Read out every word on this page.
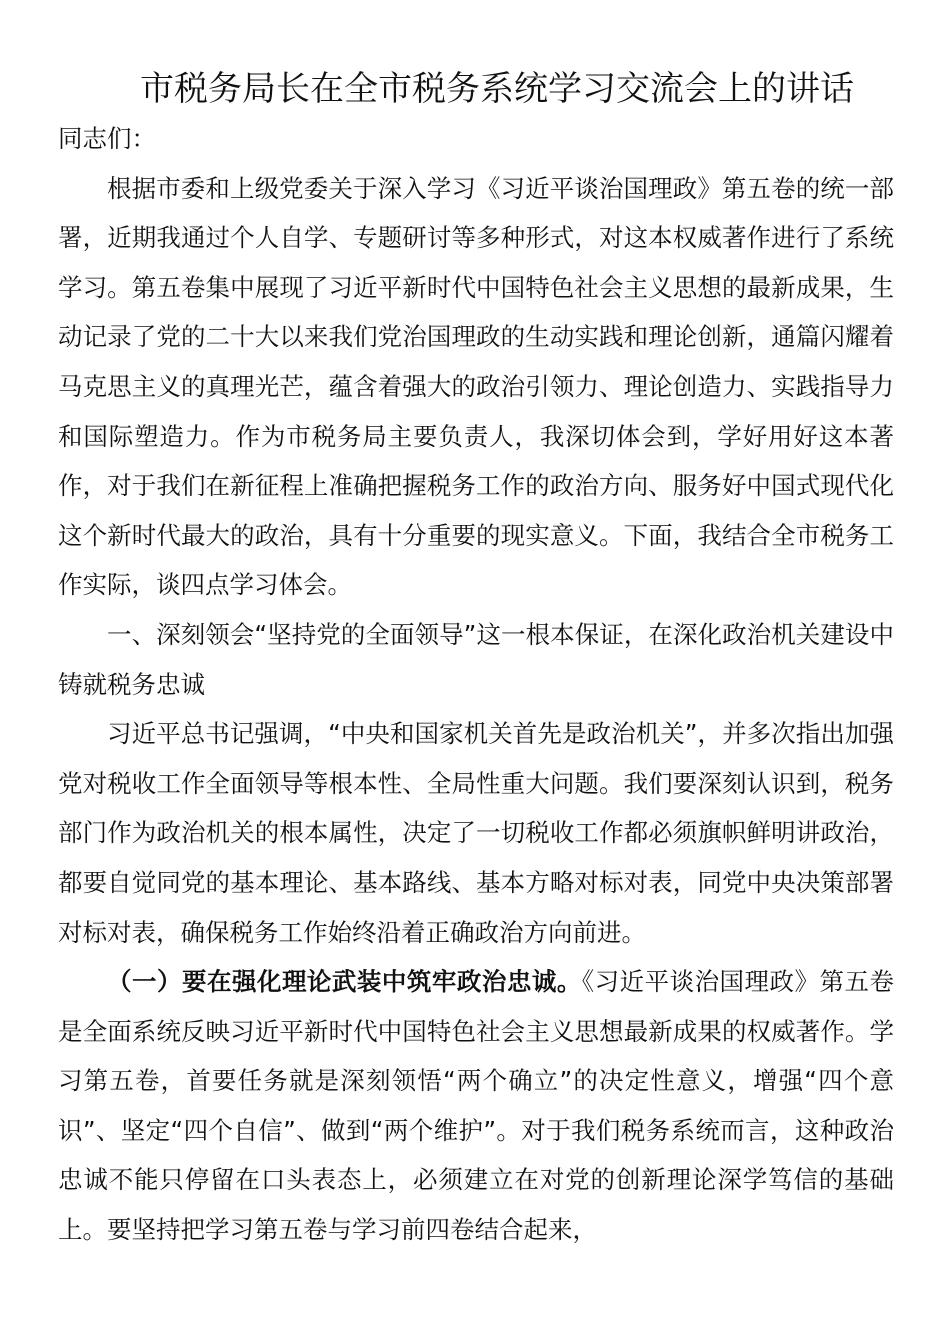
市税务局长在全市税务系统学习交流会上的讲话

同志们：

根据市委和上级党委关于深入学习《习近平谈治国理政》第五卷的统一部署，近期我通过个人自学、专题研讨等多种形式，对这本权威著作进行了系统学习。第五卷集中展现了习近平新时代中国特色社会主义思想的最新成果，生动记录了党的二十大以来我们党治国理政的生动实践和理论创新，通篇闪耀着马克思主义的真理光芒，蕴含着强大的政治引领力、理论创造力、实践指导力和国际塑造力。作为市税务局主要负责人，我深切体会到，学好用好这本著作，对于我们在新征程上准确把握税务工作的政治方向、服务好中国式现代化这个新时代最大的政治，具有十分重要的现实意义。下面，我结合全市税务工作实际，谈四点学习体会。

一、深刻领会“坚持党的全面领导”这一根本保证，在深化政治机关建设中铸就税务忠诚

习近平总书记强调，“中央和国家机关首先是政治机关”，并多次指出加强党对税收工作全面领导等根本性、全局性重大问题。我们要深刻认识到，税务部门作为政治机关的根本属性，决定了一切税收工作都必须旗帜鲜明讲政治，都要自觉同党的基本理论、基本路线、基本方略对标对表，同党中央决策部署对标对表，确保税务工作始终沿着正确政治方向前进。

（一）要在强化理论武装中筑牢政治忠诚。《习近平谈治国理政》第五卷是全面系统反映习近平新时代中国特色社会主义思想最新成果的权威著作。学习第五卷，首要任务就是深刻领悟“两个确立”的决定性意义，增强“四个意识”、坚定“四个自信”、做到“两个维护”。对于我们税务系统而言，这种政治忠诚不能只停留在口头表态上，必须建立在对党的创新理论深学笃信的基础上。要坚持把学习第五卷与学习前四卷结合起来，
